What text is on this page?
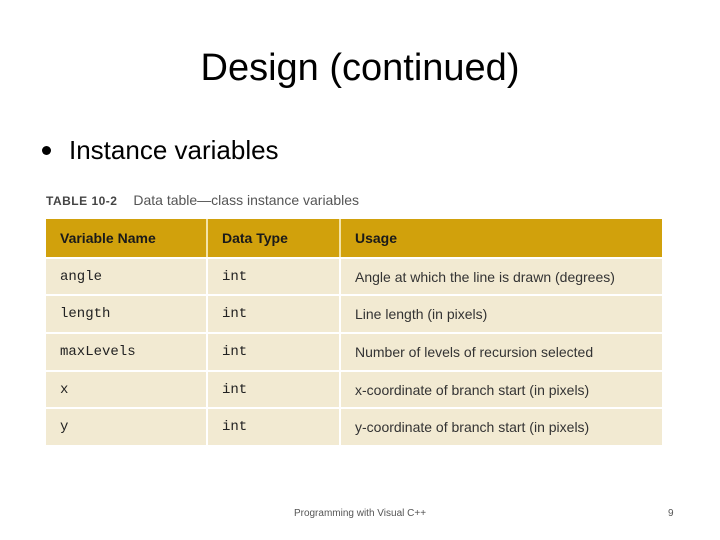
Design (continued)
Instance variables
TABLE 10-2 Data table—class instance variables
Variable Name	Data Type	Usage
angle	int	Angle at which the line is drawn (degrees)
length	int	Line length (in pixels)
maxLevels	int	Number of levels of recursion selected
x	int	x-coordinate of branch start (in pixels)
y	int	y-coordinate of branch start (in pixels)
Programming with Visual C++	9
